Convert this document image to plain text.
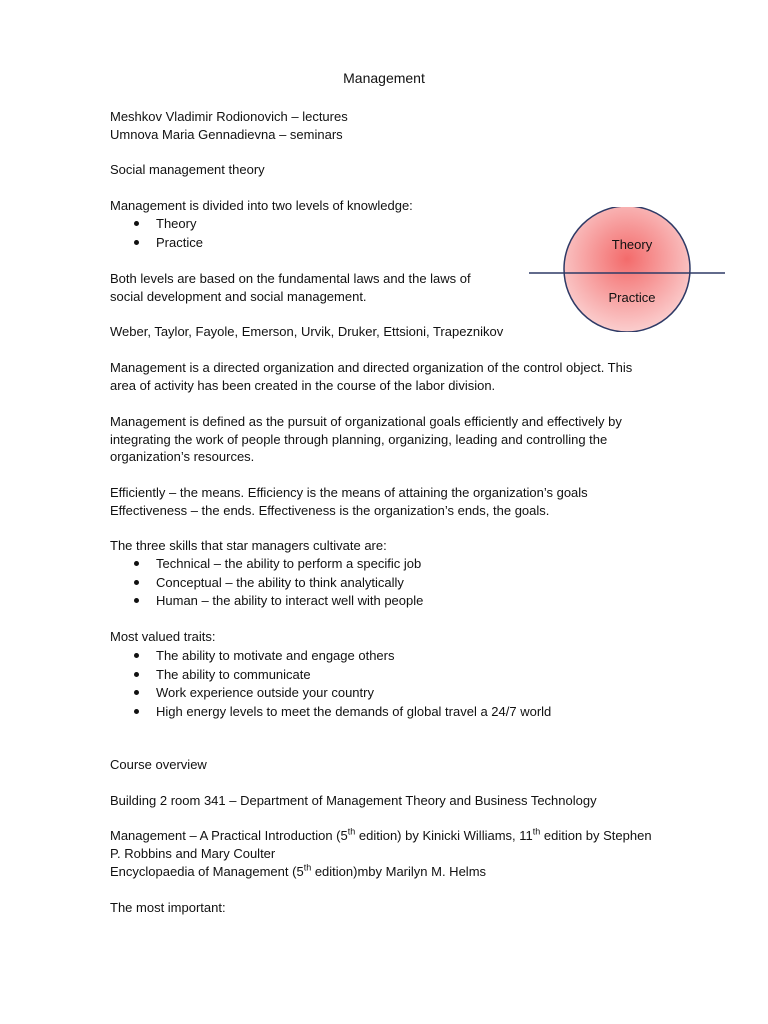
Management

Meshkov Vladimir Rodionovich – lectures

Umnova Maria Gennadievna – seminars

Social management theory

Management is divided into two levels of knowledge:

Theory
Practice

Both levels are based on the fundamental laws and the laws of

social development and social management.

Weber, Taylor, Fayole, Emerson, Urvik, Druker, Ettsioni, Trapeznikov

Management is a directed organization and directed organization of the control object. This

area of activity has been created in the course of the labor division.

Management is defined as the pursuit of organizational goals efficiently and effectively by

integrating the work of people through planning, organizing, leading and controlling the

organization’s resources.

Efficiently – the means. Efficiency is the means of attaining the organization’s goals

Effectiveness – the ends. Effectiveness is the organization’s ends, the goals.

The three skills that star managers cultivate are:

Technical – the ability to perform a specific job
Conceptual – the ability to think analytically
Human – the ability to interact well with people

Most valued traits:

The ability to motivate and engage others
The ability to communicate
Work experience outside your country
High energy levels to meet the demands of global travel a 24/7 world

Course overview

Building 2 room 341 – Department of Management Theory and Business Technology

Management – A Practical Introduction (5th edition) by Kinicki Williams, 11th edition by Stephen

P. Robbins and Mary Coulter

Encyclopaedia of Management (5th edition)mby Marilyn M. Helms

The most important:

Theory
Practice
